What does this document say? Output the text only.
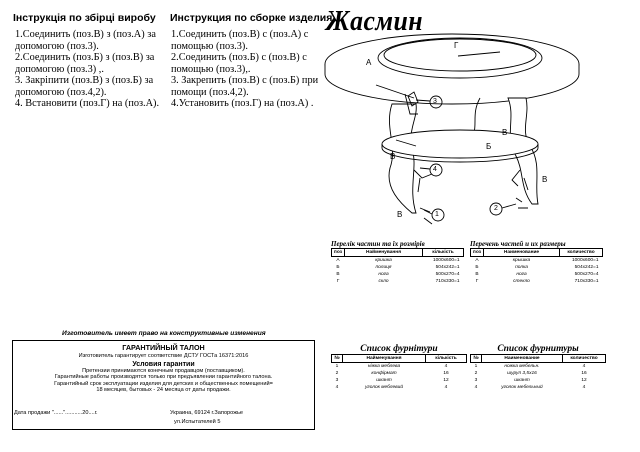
Інструкція по збірці виробу
1.Соединить (поз.В) з (поз.А) за допомогою (поз.3).
2.Соединить (поз.Б) з (поз.В) за допомогою (поз.3) ,.
3. Закрiпити (поз.В) з (поз.Б) за допомогою (поз.4,2).
4. Встановити (поз.Г) на (поз.А).
Инструкция по сборке изделия
1.Соединить (поз.В) с (поз.А) с помощью (поз.3).
2.Соединить (поз.Б) с (поз.В) с помощью (поз.3),.
3. Закрепить (поз.В) с (поз.Б) при помощи (поз.4,2).
4.Установить (поз.Г) на (поз.А) .
Жасмин
А
Г
Б
В
В
В
В
3
4
1
2
Перелік частин та їх розмірів
поз	Найменування	кількість
А	кришка	1000x600=1
Б	полиця	504x242=1
В	нога	500x270=4
Г	скло	710x330=1
Перечень частей и их размеры
поз	Наименование	количество
А	крышка	1000x600=1
Б	полка	504x242=1
В	нога	500x270=4
Г	стекло	710x330=1
Изготовитель имеет право на конструктивные изменения
ГАРАНТИЙНЫЙ ТАЛОН
Изготовитель гарантирует соответствие ДСТУ ГОСТа 16371:2016
Условия гарантии
Претензии принимаются конечным продавцом (поставщиком).
Гарантийные работы производятся только при предъявлении гарантийного талона.
Гарантийный срок эксплуатации изделия для детских и общественных помещений=
18 месяцев, бытовых - 24 месяца от даты продажи.
Дата продажи "......"...........20....г.	Украина, 69124 г.Запорожье
ул.Испытателей 5
Список фурнітури
№	Найменування	кількість
1	ніжка меблева	4
2	конфірмат	16
3	шкант	12
4	уголок меблевий	4
Список фурнитуры
№	Наименование	количество
1	ножка мебельн.	4
2	шуруп 3,5x16	16
3	шкант	12
4	уголок мебельный	4
